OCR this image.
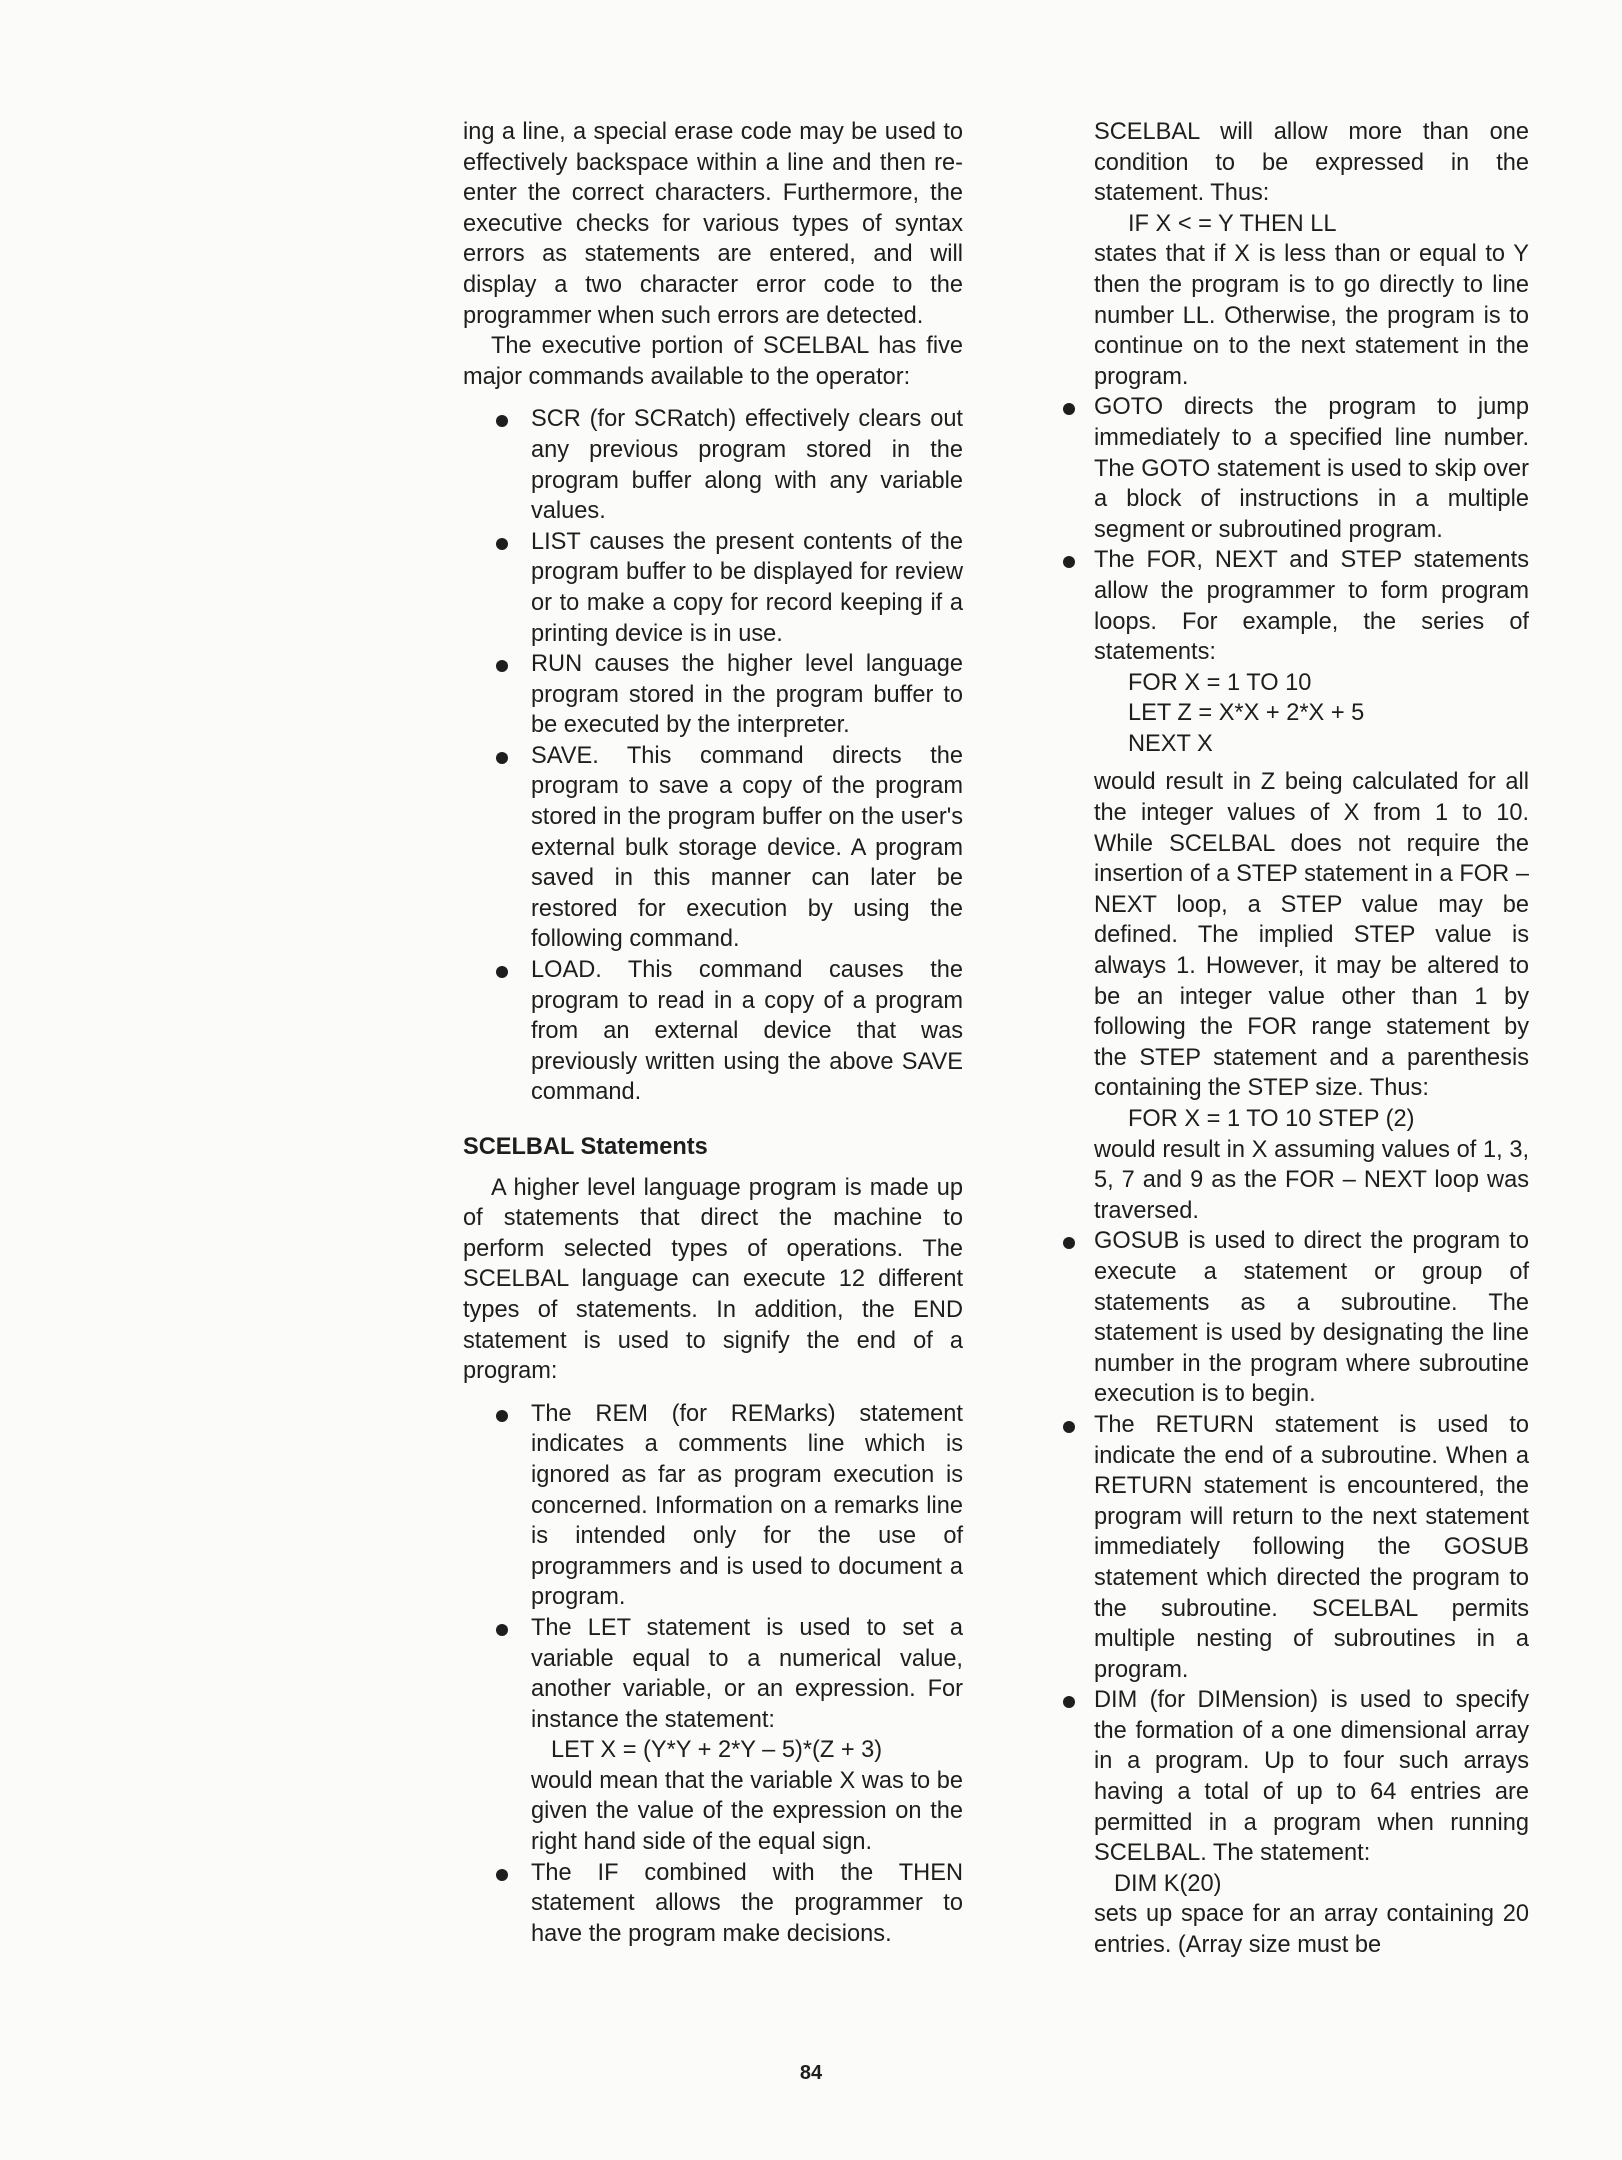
ing a line, a special erase code may be used to effectively backspace within a line and then re-enter the correct characters. Furthermore, the executive checks for various types of syntax errors as statements are entered, and will display a two character error code to the programmer when such errors are detected.

The executive portion of SCELBAL has five major commands available to the operator:

SCR (for SCRatch) effectively clears out any previous program stored in the program buffer along with any variable values.
LIST causes the present contents of the program buffer to be displayed for review or to make a copy for record keeping if a printing device is in use.
RUN causes the higher level language program stored in the program buffer to be executed by the interpreter.
SAVE. This command directs the program to save a copy of the program stored in the program buffer on the user's external bulk storage device. A program saved in this manner can later be restored for execution by using the following command.
LOAD. This command causes the program to read in a copy of a program from an external device that was previously written using the above SAVE command.

SCELBAL Statements

A higher level language program is made up of statements that direct the machine to perform selected types of operations. The SCELBAL language can execute 12 different types of statements. In addition, the END statement is used to signify the end of a program:

The REM (for REMarks) statement indicates a comments line which is ignored as far as program execution is concerned. Information on a remarks line is intended only for the use of programmers and is used to document a program.
The LET statement is used to set a variable equal to a numerical value, another variable, or an expression. For instance the statement:
LET X = (Y*Y + 2*Y – 5)*(Z + 3)
would mean that the variable X was to be given the value of the expression on the right hand side of the equal sign.
The IF combined with the THEN statement allows the programmer to have the program make decisions.

SCELBAL will allow more than one condition to be expressed in the statement. Thus:

IF X < = Y THEN LL

states that if X is less than or equal to Y then the program is to go directly to line number LL. Otherwise, the program is to continue on to the next statement in the program.

GOTO directs the program to jump immediately to a specified line number. The GOTO statement is used to skip over a block of instructions in a multiple segment or subroutined program.
The FOR, NEXT and STEP statements allow the programmer to form program loops. For example, the series of statements:
FOR X = 1 TO 10
LET Z = X*X + 2*X + 5
NEXT X
would result in Z being calculated for all the integer values of X from 1 to 10. While SCELBAL does not require the insertion of a STEP statement in a FOR – NEXT loop, a STEP value may be defined. The implied STEP value is always 1. However, it may be altered to be an integer value other than 1 by following the FOR range statement by the STEP statement and a parenthesis containing the STEP size. Thus:
FOR X = 1 TO 10 STEP (2)
would result in X assuming values of 1, 3, 5, 7 and 9 as the FOR – NEXT loop was traversed.
GOSUB is used to direct the program to execute a statement or group of statements as a subroutine. The statement is used by designating the line number in the program where subroutine execution is to begin.
The RETURN statement is used to indicate the end of a subroutine. When a RETURN statement is encountered, the program will return to the next statement immediately following the GOSUB statement which directed the program to the subroutine. SCELBAL permits multiple nesting of subroutines in a program.
DIM (for DIMension) is used to specify the formation of a one dimensional array in a program. Up to four such arrays having a total of up to 64 entries are permitted in a program when running SCELBAL. The statement:
DIM K(20)
sets up space for an array containing 20 entries. (Array size must be
84
